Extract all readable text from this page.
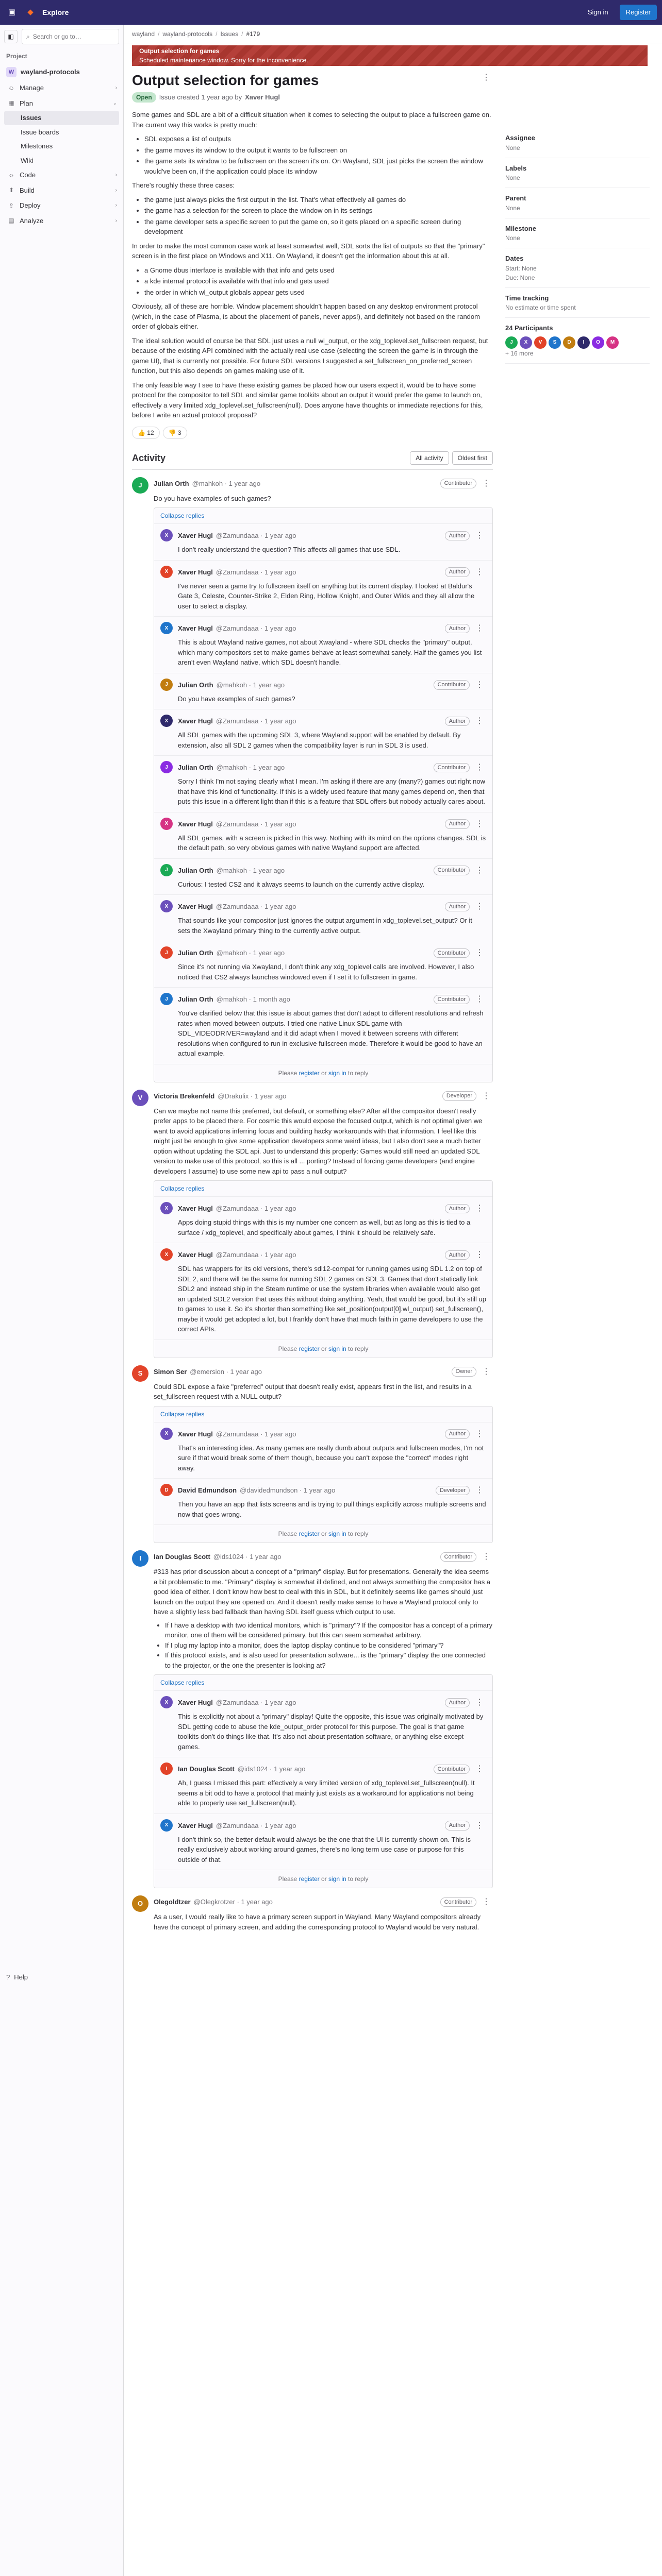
▣	◆	Explore	Sign in	Register
◧	⌕ Search or go to…
Project
W wayland-protocols
☺ Manage	›
▦ Plan	⌄
Issues
Issue boards
Milestones
Wiki
‹› Code	›
⬆ Build	›
⇪ Deploy	›
▤ Analyze	›
? Help
wayland / wayland-protocols / Issues / #179
Output selection for games	⋮
Open	Issue created 1 year ago by Xaver Hugl

Some games and SDL are a bit of a difficult situation when it comes to selecting the output to place a fullscreen game on. The current way this works is pretty much:

• SDL exposes a list of outputs
• the game moves its window to the output it wants to be fullscreen on
• the game sets its window to be fullscreen on the screen it's on. On Wayland, SDL just picks the screen the window would've been on, if the application could place its window

There's roughly these three cases:

• the game just always picks the first output in the list. That's what effectively all games do
• the game has a selection for the screen to place the window on in its settings
• the game developer sets a specific screen to put the game on, so it gets placed on a specific screen during development

In order to make the most common case work at least somewhat well, SDL sorts the list of outputs so that the "primary" screen is in the first place on Windows and X11. On Wayland, it doesn't get the information about this at all.

• a Gnome dbus interface is available with that info and gets used
• a kde internal protocol is available with that info and gets used
• the order in which wl_output globals appear gets used

Obviously, all of these are horrible. Window placement shouldn't happen based on any desktop environment protocol (which, in the case of Plasma, is about the placement of panels, never apps!), and definitely not based on the random order of globals either.

The ideal solution would of course be that SDL just uses a null wl_output, or the xdg_toplevel.set_fullscreen request, but because of the existing API combined with the actually real use case (selecting the screen the game is in through the game UI), that is currently not possible. For future SDL versions I suggested a set_fullscreen_on_preferred_screen function, but this also depends on games making use of it.

The only feasible way I see to have these existing games be placed how our users expect it, would be to have some protocol for the compositor to tell SDL and similar game toolkits about an output it would prefer the game to launch on, effectively a very limited xdg_toplevel.set_fullscreen(null). Does anyone have thoughts or immediate rejections for this, before I write an actual protocol proposal?

👍 12	👎 3
Activity	All activity	Oldest first
J	Julian Orth @mahkoh · 1 year ago	Contributor	⋮

Do you have examples of such games?

Collapse replies
X	Xaver Hugl @Zamundaaa · 1 year ago	Author	⋮
I don't really understand the question? This affects all games that use SDL.
X	Xaver Hugl @Zamundaaa · 1 year ago	Author	⋮
I've never seen a game try to fullscreen itself on anything but its current display. I looked at Baldur's Gate 3, Celeste, Counter-Strike 2, Elden Ring, Hollow Knight, and Outer Wilds and they all allow the user to select a display.
X	Xaver Hugl @Zamundaaa · 1 year ago	Author	⋮
This is about Wayland native games, not about Xwayland - where SDL checks the "primary" output, which many compositors set to make games behave at least somewhat sanely. Half the games you list aren't even Wayland native, which SDL doesn't handle.
J	Julian Orth @mahkoh · 1 year ago	Contributor	⋮
Do you have examples of such games?
X	Xaver Hugl @Zamundaaa · 1 year ago	Author	⋮
All SDL games with the upcoming SDL 3, where Wayland support will be enabled by default. By extension, also all SDL 2 games when the compatibility layer is run in SDL 3 is used.
J	Julian Orth @mahkoh · 1 year ago	Contributor	⋮
Sorry I think I'm not saying clearly what I mean. I'm asking if there are any (many?) games out right now that have this kind of functionality. If this is a widely used feature that many games depend on, then that puts this issue in a different light than if this is a feature that SDL offers but nobody actually cares about.
X	Xaver Hugl @Zamundaaa · 1 year ago	Author	⋮
All SDL games, with a screen is picked in this way. Nothing with its mind on the options changes. SDL is the default path, so very obvious games with native Wayland support are affected.
J	Julian Orth @mahkoh · 1 year ago	Contributor	⋮
Curious: I tested CS2 and it always seems to launch on the currently active display.
X	Xaver Hugl @Zamundaaa · 1 year ago	Author	⋮
That sounds like your compositor just ignores the output argument in xdg_toplevel.set_output? Or it sets the Xwayland primary thing to the currently active output.
J	Julian Orth @mahkoh · 1 year ago	Contributor	⋮
Since it's not running via Xwayland, I don't think any xdg_toplevel calls are involved. However, I also noticed that CS2 always launches windowed even if I set it to fullscreen in game.
J	Julian Orth @mahkoh · 1 month ago	Contributor	⋮
You've clarified below that this issue is about games that don't adapt to different resolutions and refresh rates when moved between outputs. I tried one native Linux SDL game with SDL_VIDEODRIVER=wayland and it did adapt when I moved it between screens with different resolutions when configured to run in exclusive fullscreen mode. Therefore it would be good to have an actual example.
Please register or sign in to reply
V	Victoria Brekenfeld @Drakulix · 1 year ago	Developer	⋮

Can we maybe not name this preferred, but default, or something else? After all the compositor doesn't really prefer apps to be placed there. For cosmic this would expose the focused output, which is not optimal given we want to avoid applications inferring focus and building hacky workarounds with that information. I feel like this might just be enough to give some application developers some weird ideas, but I also don't see a much better option without updating the SDL api. Just to understand this properly: Games would still need an updated SDL version to make use of this protocol, so this is all ... porting? Instead of forcing game developers (and engine developers I assume) to use some new api to pass a null output?

Collapse replies
X	Xaver Hugl @Zamundaaa · 1 year ago	Author	⋮
Apps doing stupid things with this is my number one concern as well, but as long as this is tied to a surface / xdg_toplevel, and specifically about games, I think it should be relatively safe.
X	Xaver Hugl @Zamundaaa · 1 year ago	Author	⋮
SDL has wrappers for its old versions, there's sdl12-compat for running games using SDL 1.2 on top of SDL 2, and there will be the same for running SDL 2 games on SDL 3. Games that don't statically link SDL2 and instead ship in the Steam runtime or use the system libraries when available would also get an updated SDL2 version that uses this without doing anything. Yeah, that would be good, but it's still up to games to use it. So it's shorter than something like set_position(output[0].wl_output) set_fullscreen(), maybe it would get adopted a lot, but I frankly don't have that much faith in game developers to use the correct APIs.
Please register or sign in to reply
S	Simon Ser @emersion · 1 year ago	Owner	⋮

Could SDL expose a fake "preferred" output that doesn't really exist, appears first in the list, and results in a set_fullscreen request with a NULL output?

Collapse replies
X	Xaver Hugl @Zamundaaa · 1 year ago	Author	⋮
That's an interesting idea. As many games are really dumb about outputs and fullscreen modes, I'm not sure if that would break some of them though, because you can't expose the "correct" modes right away.
D	David Edmundson @davidedmundson · 1 year ago	Developer	⋮
Then you have an app that lists screens and is trying to pull things explicitly across multiple screens and now that goes wrong.
Please register or sign in to reply
I	Ian Douglas Scott @ids1024 · 1 year ago	Contributor	⋮

#313 has prior discussion about a concept of a "primary" display. But for presentations. Generally the idea seems a bit problematic to me. "Primary" display is somewhat ill defined, and not always something the compositor has a good idea of either. I don't know how best to deal with this in SDL, but it definitely seems like games should just launch on the output they are opened on. And it doesn't really make sense to have a Wayland protocol only to have a slightly less bad fallback than having SDL itself guess which output to use.

• If I have a desktop with two identical monitors, which is "primary"? If the compositor has a concept of a primary monitor, one of them will be considered primary, but this can seem somewhat arbitrary.
• If I plug my laptop into a monitor, does the laptop display continue to be considered "primary"?
• If this protocol exists, and is also used for presentation software... is the "primary" display the one connected to the projector, or the one the presenter is looking at?
Collapse replies
X	Xaver Hugl @Zamundaaa · 1 year ago	Author	⋮
This is explicitly not about a "primary" display! Quite the opposite, this issue was originally motivated by SDL getting code to abuse the kde_output_order protocol for this purpose. The goal is that game toolkits don't do things like that. It's also not about presentation software, or anything else except games.
I	Ian Douglas Scott @ids1024 · 1 year ago	Contributor	⋮
Ah, I guess I missed this part: effectively a very limited version of xdg_toplevel.set_fullscreen(null). It seems a bit odd to have a protocol that mainly just exists as a workaround for applications not being able to properly use set_fullscreen(null).
X	Xaver Hugl @Zamundaaa · 1 year ago	Author	⋮
I don't think so, the better default would always be the one that the UI is currently shown on. This is really exclusively about working around games, there's no long term use case or purpose for this outside of that.
Please register or sign in to reply
O	Olegoldtzer @Olegkrotzer · 1 year ago	Contributor	⋮

As a user, I would really like to have a primary screen support in Wayland. Many Wayland compositors already have the concept of primary screen, and adding the corresponding protocol to Wayland would be very natural.

Assignee
None
Labels
None
Parent
None
Milestone
None
Dates
Start: None
Due: None
Time tracking
No estimate or time spent
24 Participants
J	X	V	S	D	I	O	M
+ 16 more
Output selection for games
Scheduled maintenance window. Sorry for the inconvenience.
